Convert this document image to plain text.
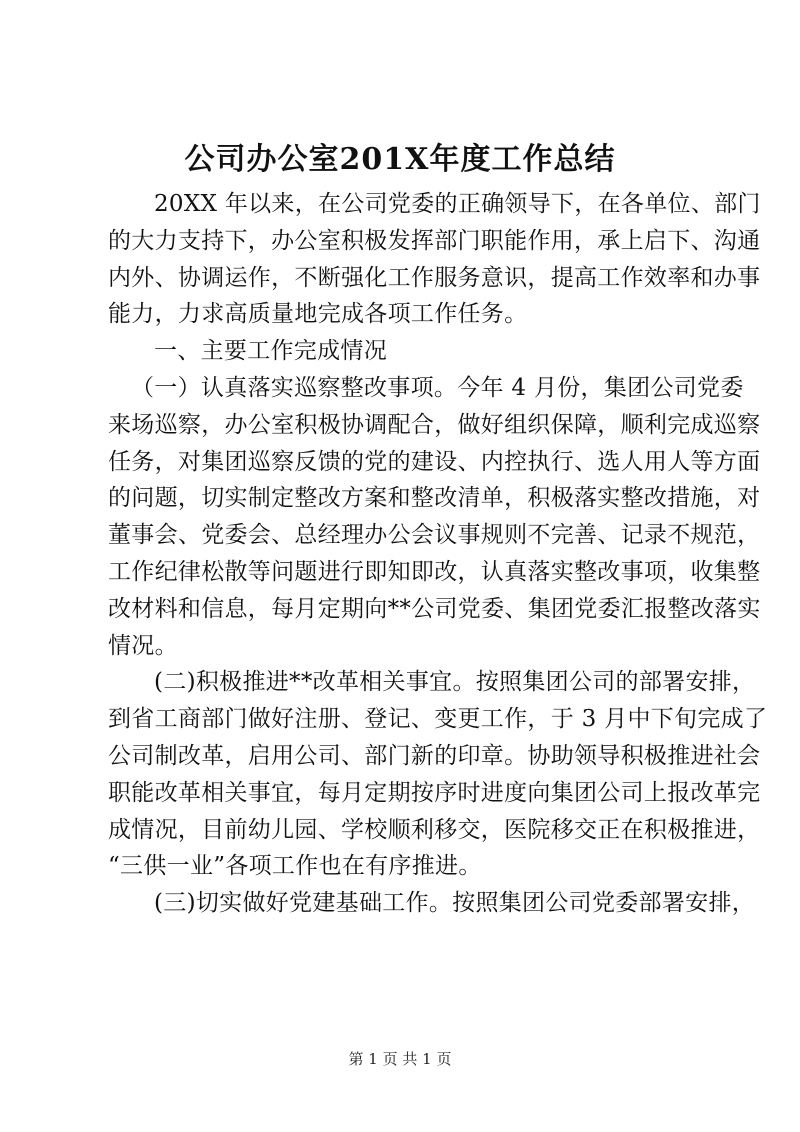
公司办公室201X年度工作总结
20XX 年以来，在公司党委的正确领导下，在各单位、部门
的大力支持下，办公室积极发挥部门职能作用，承上启下、沟通
内外、协调运作，不断强化工作服务意识，提高工作效率和办事
能力，力求高质量地完成各项工作任务。
一、主要工作完成情况
（一）认真落实巡察整改事项。今年 4 月份，集团公司党委
来场巡察，办公室积极协调配合，做好组织保障，顺利完成巡察
任务，对集团巡察反馈的党的建设、内控执行、选人用人等方面
的问题，切实制定整改方案和整改清单，积极落实整改措施，对
董事会、党委会、总经理办公会议事规则不完善、记录不规范，
工作纪律松散等问题进行即知即改，认真落实整改事项，收集整
改材料和信息，每月定期向**公司党委、集团党委汇报整改落实
情况。
(二)积极推进**改革相关事宜。按照集团公司的部署安排，
到省工商部门做好注册、登记、变更工作，于 3 月中下旬完成了
公司制改革，启用公司、部门新的印章。协助领导积极推进社会
职能改革相关事宜，每月定期按序时进度向集团公司上报改革完
成情况，目前幼儿园、学校顺利移交，医院移交正在积极推进，
“三供一业”各项工作也在有序推进。
(三)切实做好党建基础工作。按照集团公司党委部署安排，
第 1 页 共 1 页
